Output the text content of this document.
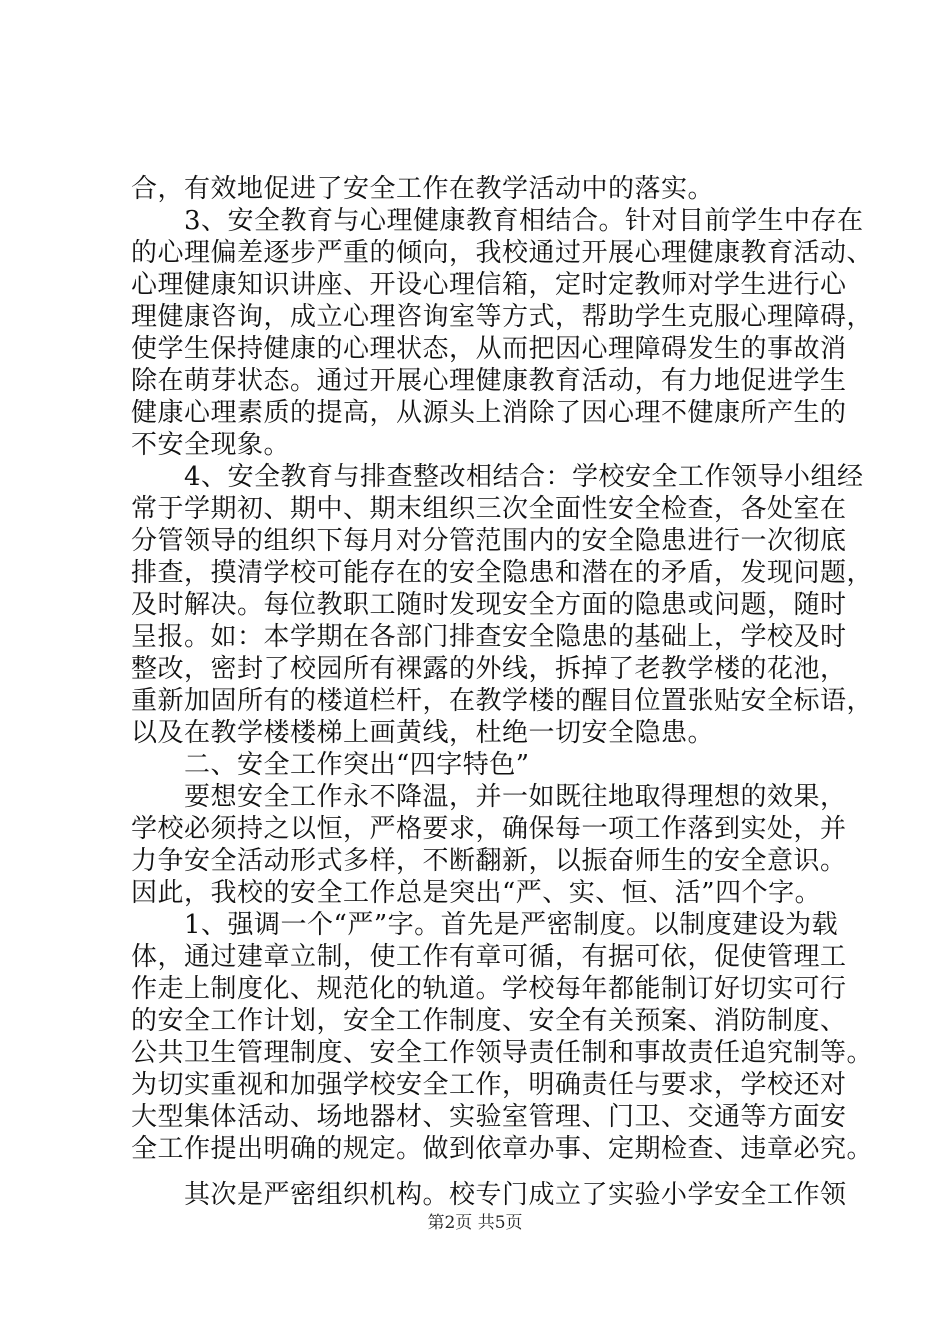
合，有效地促进了安全工作在教学活动中的落实。
　　3、安全教育与心理健康教育相结合。针对目前学生中存在
的心理偏差逐步严重的倾向，我校通过开展心理健康教育活动、
心理健康知识讲座、开设心理信箱，定时定教师对学生进行心
理健康咨询，成立心理咨询室等方式，帮助学生克服心理障碍，
使学生保持健康的心理状态，从而把因心理障碍发生的事故消
除在萌芽状态。通过开展心理健康教育活动，有力地促进学生
健康心理素质的提高，从源头上消除了因心理不健康所产生的
不安全现象。
　　4、安全教育与排查整改相结合：学校安全工作领导小组经
常于学期初、期中、期末组织三次全面性安全检查，各处室在
分管领导的组织下每月对分管范围内的安全隐患进行一次彻底
排查，摸清学校可能存在的安全隐患和潜在的矛盾，发现问题，
及时解决。每位教职工随时发现安全方面的隐患或问题，随时
呈报。如：本学期在各部门排查安全隐患的基础上，学校及时
整改，密封了校园所有裸露的外线，拆掉了老教学楼的花池，
重新加固所有的楼道栏杆，在教学楼的醒目位置张贴安全标语，
以及在教学楼楼梯上画黄线，杜绝一切安全隐患。
　　二、安全工作突出“四字特色”
　　要想安全工作永不降温，并一如既往地取得理想的效果，
学校必须持之以恒，严格要求，确保每一项工作落到实处，并
力争安全活动形式多样，不断翻新，以振奋师生的安全意识。
因此，我校的安全工作总是突出“严、实、恒、活”四个字。
　　1、强调一个“严”字。首先是严密制度。以制度建设为载
体，通过建章立制，使工作有章可循，有据可依，促使管理工
作走上制度化、规范化的轨道。学校每年都能制订好切实可行
的安全工作计划，安全工作制度、安全有关预案、消防制度、
公共卫生管理制度、安全工作领导责任制和事故责任追究制等。
为切实重视和加强学校安全工作，明确责任与要求，学校还对
大型集体活动、场地器材、实验室管理、门卫、交通等方面安
全工作提出明确的规定。做到依章办事、定期检查、违章必究。
　　其次是严密组织机构。校专门成立了实验小学安全工作领
第2页 共5页
